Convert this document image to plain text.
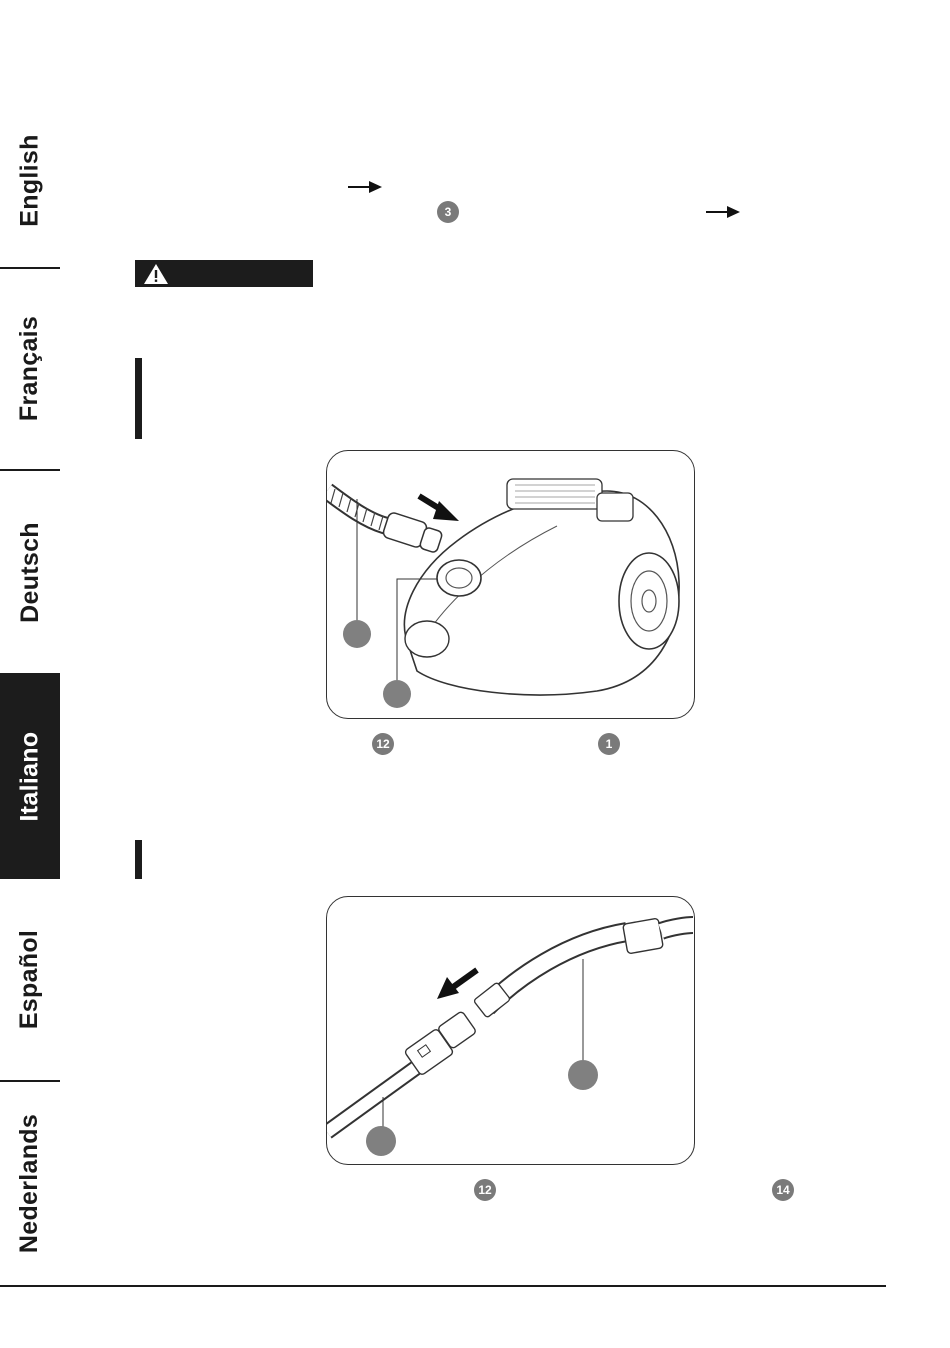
English
Français
Deutsch
Italiano
Español
Nederlands
3
12	1
12	14
